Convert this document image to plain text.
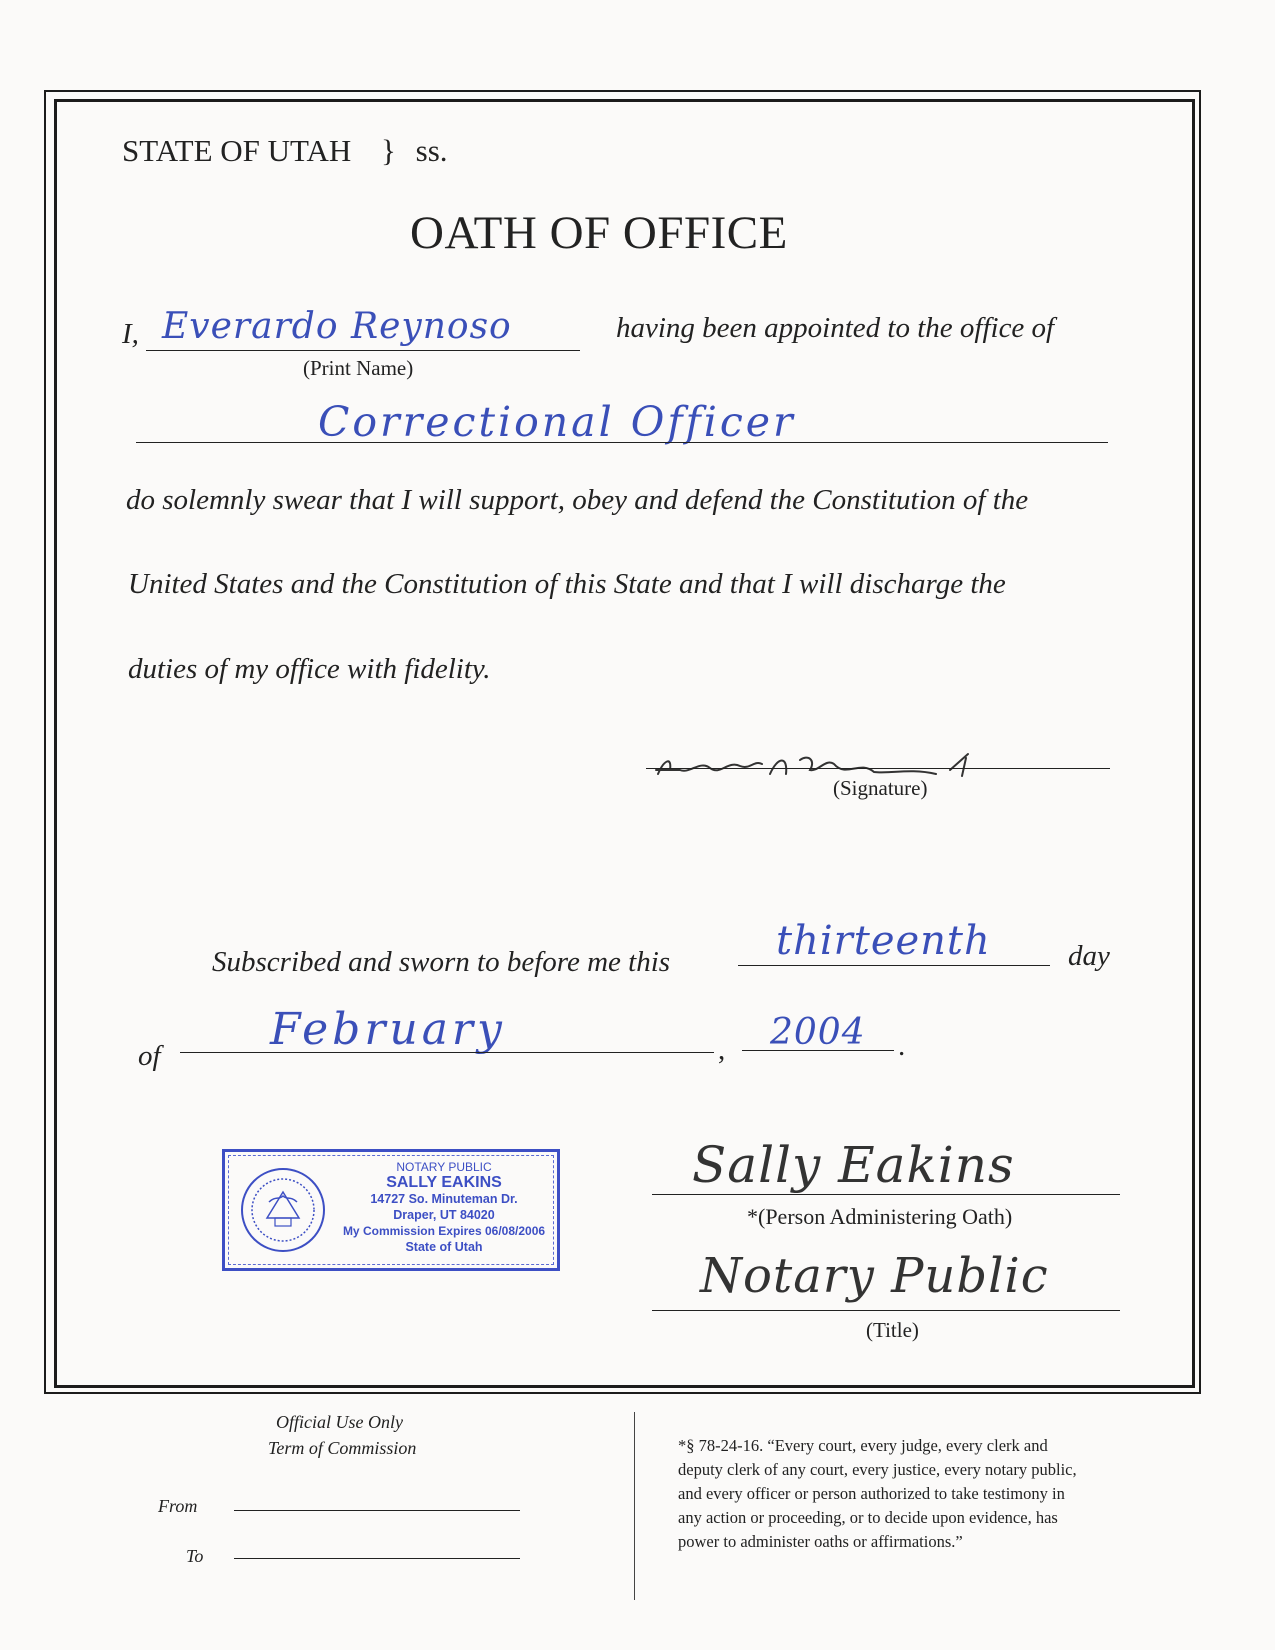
STATE OF UTAH } ss.
OATH OF OFFICE
I, Everardo Reynoso
(Print Name)
having been appointed to the office of
Correctional Officer
do solemnly swear that I will support, obey and defend the Constitution of the
United States and the Constitution of this State and that I will discharge the
duties of my office with fidelity.
(Signature)
Subscribed and sworn to before me this	thirteenth	day
of
February	, 2004 .
NOTARY PUBLIC
SALLY EAKINS
14727 So. Minuteman Dr.
Draper, UT 84020
My Commission Expires 06/08/2006
State of Utah
Sally Eakins
*(Person Administering Oath)
Notary Public
(Title)
Official Use Only
Term of Commission
From
To
*§ 78-24-16. “Every court, every judge, every clerk and
deputy clerk of any court, every justice, every notary public,
and every officer or person authorized to take testimony in
any action or proceeding, or to decide upon evidence, has
power to administer oaths or affirmations.”
